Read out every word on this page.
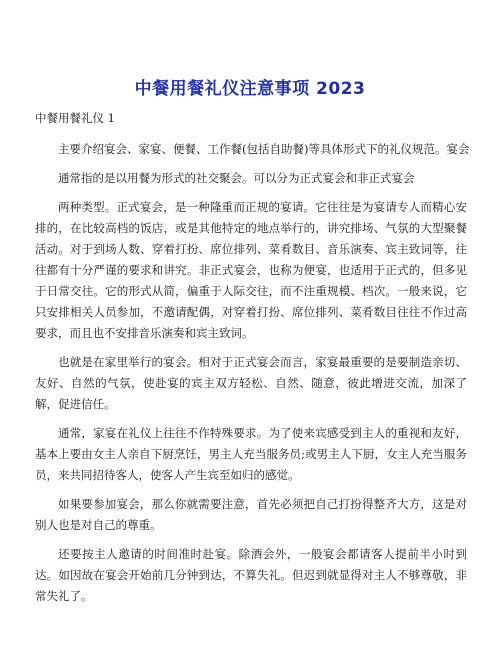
中餐用餐礼仪注意事项 2023

中餐用餐礼仪 1

主要介绍宴会、家宴、便餐、工作餐(包括自助餐)等具体形式下的礼仪规范。宴会

通常指的是以用餐为形式的社交聚会。可以分为正式宴会和非正式宴会

两种类型。正式宴会，是一种隆重而正规的宴请。它往往是为宴请专人而精心安排的，在比较高档的饭店，或是其他特定的地点举行的，讲究排场、气氛的大型聚餐活动。对于到场人数、穿着打扮、席位排列、菜肴数目、音乐演奏、宾主致词等，往往都有十分严谨的要求和讲究。非正式宴会，也称为便宴，也适用于正式的，但多见于日常交往。它的形式从简，偏重于人际交往，而不注重规模、档次。一般来说，它只安排相关人员参加，不邀请配偶，对穿着打扮、席位排列、菜肴数目往往不作过高要求，而且也不安排音乐演奏和宾主致词。

也就是在家里举行的宴会。相对于正式宴会而言，家宴最重要的是要制造亲切、友好、自然的气氛，使赴宴的宾主双方轻松、自然、随意，彼此增进交流，加深了解，促进信任。

通常，家宴在礼仪上往往不作特殊要求。为了使来宾感受到主人的重视和友好，基本上要由女主人亲自下厨烹饪，男主人充当服务员;或男主人下厨，女主人充当服务员，来共同招待客人，使客人产生宾至如归的感觉。

如果要参加宴会，那么你就需要注意，首先必须把自己打扮得整齐大方，这是对别人也是对自己的尊重。

还要按主人邀请的时间准时赴宴。除酒会外，一般宴会都请客人提前半小时到达。如因故在宴会开始前几分钟到达，不算失礼。但迟到就显得对主人不够尊敬，非常失礼了。
